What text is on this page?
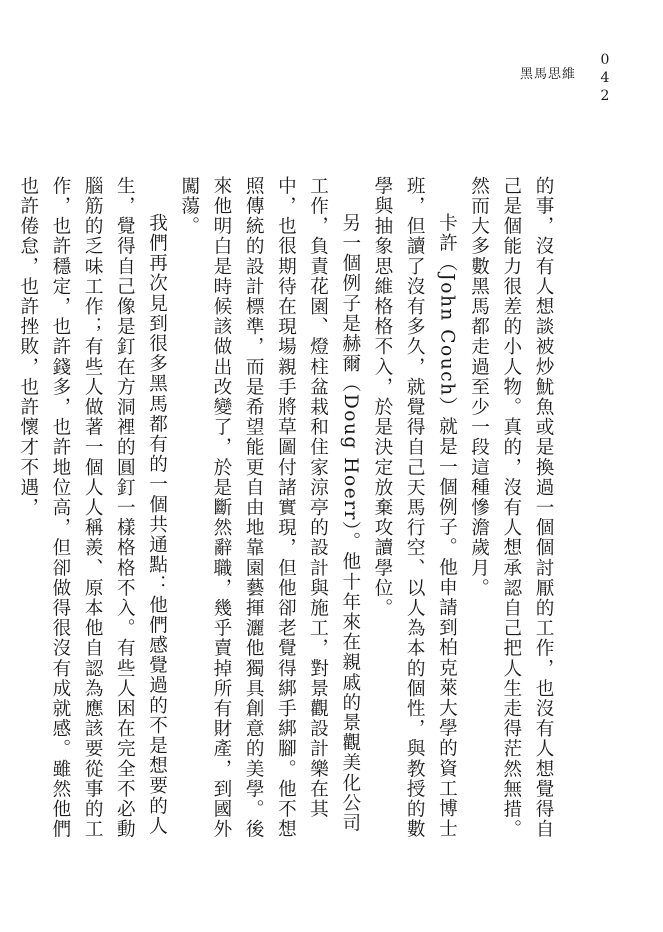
黑馬思維 042

的事，沒有人想談被炒魷魚或是換過一個個討厭的工作，也沒有人想覺得自己是個能力很差的小人物。真的，沒有人想承認自己把人生走得茫然無措。然而大多數黑馬都走過至少一段這種慘澹歲月。

卡許（John Couch）就是一個例子。他申請到柏克萊大學的資工博士班，但讀了沒有多久，就覺得自己天馬行空、以人為本的個性，與教授的數學與抽象思維格格不入，於是決定放棄攻讀學位。

另一個例子是赫爾（Doug Hoerr）。他十年來在親戚的景觀美化公司工作，負責花園、燈柱盆栽和住家涼亭的設計與施工，對景觀設計樂在其中，也很期待在現場親手將草圖付諸實現，但他卻老覺得綁手綁腳。他不想照傳統的設計標準，而是希望能更自由地靠園藝揮灑他獨具創意的美學。後來他明白是時候該做出改變了，於是斷然辭職，幾乎賣掉所有財產，到國外闖蕩。

我們再次見到很多黑馬都有的一個共通點：他們感覺過的不是想要的人生，覺得自己像是釘在方洞裡的圓釘一樣格格不入。有些人困在完全不必動腦筋的乏味工作；有些人做著一個人人稱羨、原本他自認為應該要從事的工作，也許穩定，也許錢多，也許地位高，但卻做得很沒有成就感。雖然他們也許倦怠，也許挫敗，也許懷才不遇，
